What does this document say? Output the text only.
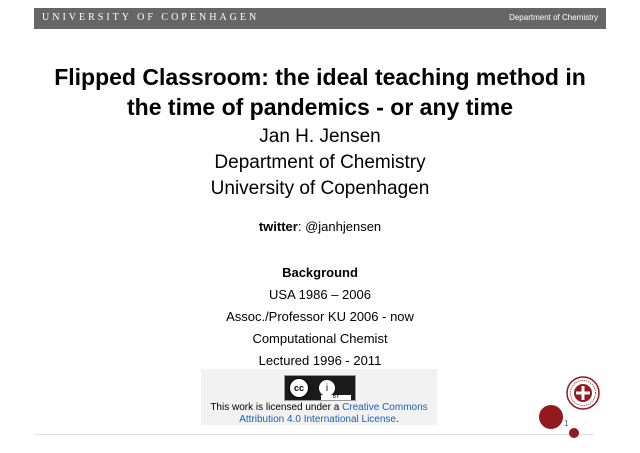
UNIVERSITY OF COPENHAGEN	Department of Chemistry
Flipped Classroom: the ideal teaching method in
the time of pandemics - or any time
Jan H. Jensen
Department of Chemistry
University of Copenhagen
twitter: @janhjensen
Background
USA 1986 – 2006
Assoc./Professor KU 2006 - now
Computational Chemist
Lectured 1996 - 2011
cc	i
BY
This work is licensed under a Creative Commons
Attribution 4.0 International License.	1
